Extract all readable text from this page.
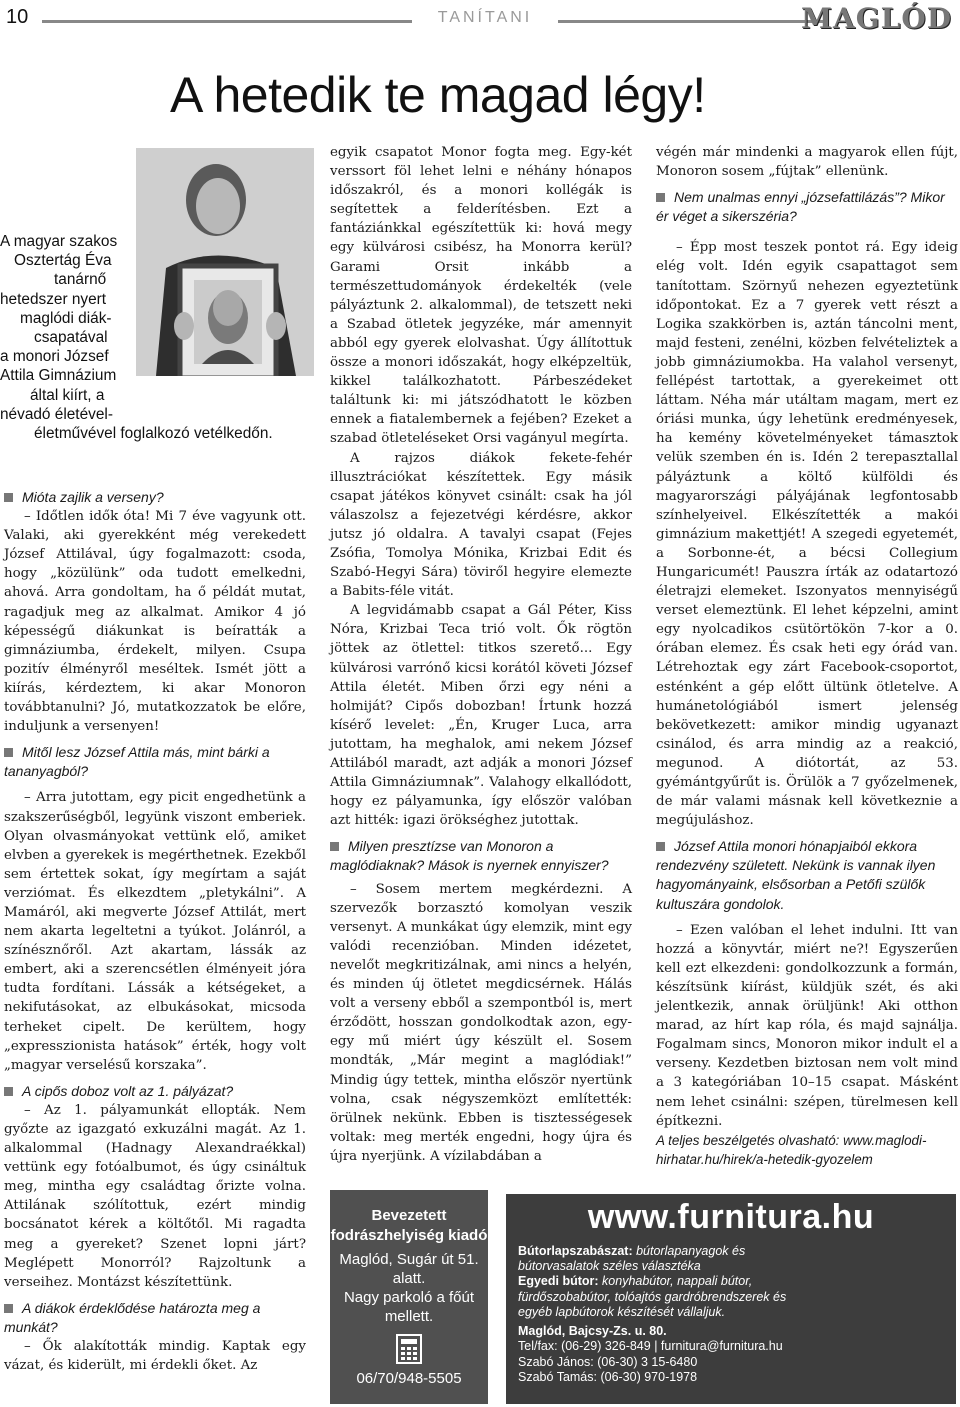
10	TANÍTANI	MAGLÓD
A hetedik te magad légy!
A magyar szakos
Osztertág Éva
tanárnő
hetedszer nyert
maglódi diák-
csapatával
a monori József
Attila Gimnázium
által kiírt, a
névadó életével-
életművével foglalkozó vetélkedőn.

Mióta zajlik a verseny?

– Időtlen idők óta! Mi 7 éve vagyunk ott. Valaki, aki gyerekként még verekedett József Attilával, úgy fogalmazott: csoda, hogy „közülünk” oda tudott emelkedni, ahová. Arra gondoltam, ha ő példát mutat, ragadjuk meg az alkalmat. Amikor 4 jó képességű diákunkat is beíratták a gimnáziumba, érdekelt, milyen. Csupa pozitív élményről meséltek. Ismét jött a kiírás, kérdeztem, ki akar Monoron továbbtanulni? Jó, mutatkozzatok be előre, induljunk a versenyen!

Mitől lesz József Attila más, mint bárki a tananyagból?

– Arra jutottam, egy picit engedhetünk a szakszerűségből, legyünk viszont emberiek. Olyan olvasmányokat vettünk elő, amiket elvben a gyerekek is megérthetnek. Ezekből sem értettek sokat, így megírtam a saját verziómat. És elkezdtem „pletykálni”. A Mamáról, aki megverte József Attilát, mert nem akarta legeltetni a tyúkot. Jolánról, a színésznőről. Azt akartam, lássák az embert, aki a szerencsétlen élményeit jóra tudta fordítani. Lássák a kétségeket, a nekifutásokat, az elbukásokat, micsoda terheket cipelt. De kerültem, hogy „expresszionista hatások” érték, hogy volt „magyar verselésű korszaka”.

A cipős doboz volt az 1. pályázat?

– Az 1. pályamunkát ellopták. Nem győzte az igazgató exkuzálni magát. Az 1. alkalommal (Hadnagy Alexandraékkal) vettünk egy fotóalbumot, és úgy csináltuk meg, mintha egy családtag őrizte volna. Attilának szólítottuk, ezért mindig bocsánatot kérek a költőtől. Mi ragadta meg a gyereket? Szenet lopni járt? Meglépett Monorról? Rajzoltunk a verseihez. Montázst készítettünk.

A diákok érdeklődése határozta meg a munkát?

– Ők alakították mindig. Kaptak egy vázat, és kiderült, mi érdekli őket. Az

egyik csapatot Monor fogta meg. Egy-két verssort föl lehet lelni e néhány hónapos időszakról, és a monori kollégák is segítettek a felderítésben. Ezt a fantáziánkkal egészítettük ki: hová megy egy külvárosi csibész, ha Monorra kerül? Garami Orsit inkább a természettudományok érdekelték (vele pályáztunk 2. alkalommal), de tetszett neki a Szabad ötletek jegyzéke, már amennyit abból egy gyerek elolvashat. Úgy állítottuk össze a monori időszakát, hogy elképzeltük, kikkel találkozhatott. Párbeszédeket találtunk ki: mi játszódhatott le közben ennek a fiatalembernek a fejében? Ezeket a szabad ötleteléseket Orsi vagányul megírta.

A rajzos diákok fekete-fehér illusztrációkat készítettek. Egy másik csapat játékos könyvet csinált: csak ha jól válaszolsz a fejezetvégi kérdésre, akkor jutsz jó oldalra. A tavalyi csapat (Fejes Zsófia, Tomolya Mónika, Krizbai Edit és Szabó-Hegyi Sára) töviről hegyire elemezte a Babits-féle vitát.

A legvidámabb csapat a Gál Péter, Kiss Nóra, Krizbai Teca trió volt. Ők rögtön jöttek az ötlettel: titkos szerető... Egy külvárosi varrónő kicsi korától követi József Attila életét. Miben őrzi egy néni a holmiját? Cipős dobozban! Írtunk hozzá kísérő levelet: „Én, Kruger Luca, arra jutottam, ha meghalok, ami nekem József Attilából maradt, azt adják a monori József Attila Gimnáziumnak”. Valahogy elkallódott, hogy ez pályamunka, így először valóban azt hitték: igazi örökséghez jutottak.

Milyen presztízse van Monoron a maglódiaknak? Mások is nyernek ennyiszer?

– Sosem mertem megkérdezni. A szervezők borzasztó komolyan veszik versenyt. A munkákat úgy elemzik, mint egy valódi recenzióban. Minden idézetet, nevelőt megkritizálnak, ami nincs a helyén, és minden új ötletet megdicsérnek. Hálás volt a verseny ebből a szempontból is, mert érződött, hosszan gondolkodtak azon, egy-egy mű miért úgy készült el. Sosem mondták, „Már megint a maglódiak!” Mindig úgy tettek, mintha először nyertünk volna, csak négyszemközt említették: örülnek nekünk. Ebben is tisztességesek voltak: meg merték engedni, hogy újra és újra nyerjünk. A vízilabdában a

végén már mindenki a magyarok ellen fújt, Monoron sosem „fújtak” ellenünk.

Nem unalmas ennyi „józsefattilázás”? Mikor ér véget a sikerszéria?

– Épp most teszek pontot rá. Egy ideig elég volt. Idén egyik csapattagot sem tanítottam. Szörnyű nehezen egyeztetünk időpontokat. Ez a 7 gyerek vett részt a Logika szakkörben is, aztán táncolni ment, majd festeni, zenélni, közben felvételiztek a jobb gimnáziumokba. Ha valahol versenyt, fellépést tartottak, a gyerekeimet ott láttam. Néha már utáltam magam, mert ez óriási munka, úgy lehetünk eredményesek, ha kemény követelményeket támasztok velük szemben én is. Idén 2 terepasztallal pályáztunk a költő külföldi és magyarországi pályájának legfontosabb színhelyeivel. Elkészítették a makói gimnázium makettjét! A szegedi egyetemét, a Sorbonne-ét, a bécsi Collegium Hungaricumét! Pauszra írták az odatartozó életrajzi elemeket. Iszonyatos mennyiségű verset elemeztünk. El lehet képzelni, amint egy nyolcadikos csütörtökön 7-kor a 0. órában elemez. És csak heti egy órád van. Létrehoztak egy zárt Facebook-csoportot, esténként a gép előtt ültünk ötletelve. A humánetológiából ismert jelenség bekövetkezett: amikor mindig ugyanazt csinálod, és arra mindig az a reakció, megunod. A diótortát, az 53. gyémántgyűrűt is. Örülök a 7 győzelmenek, de már valami másnak kell következnie a megújuláshoz.

József Attila monori hónapjaiból ekkora rendezvény született. Nekünk is vannak ilyen hagyományaink, elsősorban a Petőfi szülők kultuszára gondolok.

– Ezen valóban el lehet indulni. Itt van hozzá a könyvtár, miért ne?! Egyszerűen kell ezt elkezdeni: gondolkozzunk a formán, készítsünk kiírást, küldjük szét, és aki jelentkezik, annak örüljünk! Aki otthon marad, az hírt kap róla, és majd sajnálja. Fogalmam sincs, Monoron mikor indult el a verseny. Kezdetben biztosan nem volt mind a 3 kategóriában 10–15 csapat. Másként nem lehet csinálni: szépen, türelmesen kell építkezni.

A teljes beszélgetés olvasható: www.maglodi-hirhatar.hu/hirek/a-hetedik-gyozelem

Bevezetett fodrászhelyiség kiadó
Maglód, Sugár út 51. alatt.
Nagy parkoló a főút mellett.
06/70/948-5505
www.furnitura.hu
Bútorlapszabászat: bútorlapanyagok és bútorvasalatok széles választéka
Egyedi bútor: konyhabútor, nappali bútor, fürdőszobabútor, tolóajtós gardróbrendszerek és egyéb lapbútorok készítését vállaljuk.
Maglód, Bajcsy-Zs. u. 80.
Tel/fax: (06-29) 326-849 | furnitura@furnitura.hu
Szabó János: (06-30) 3 15-6480
Szabó Tamás: (06-30) 970-1978
